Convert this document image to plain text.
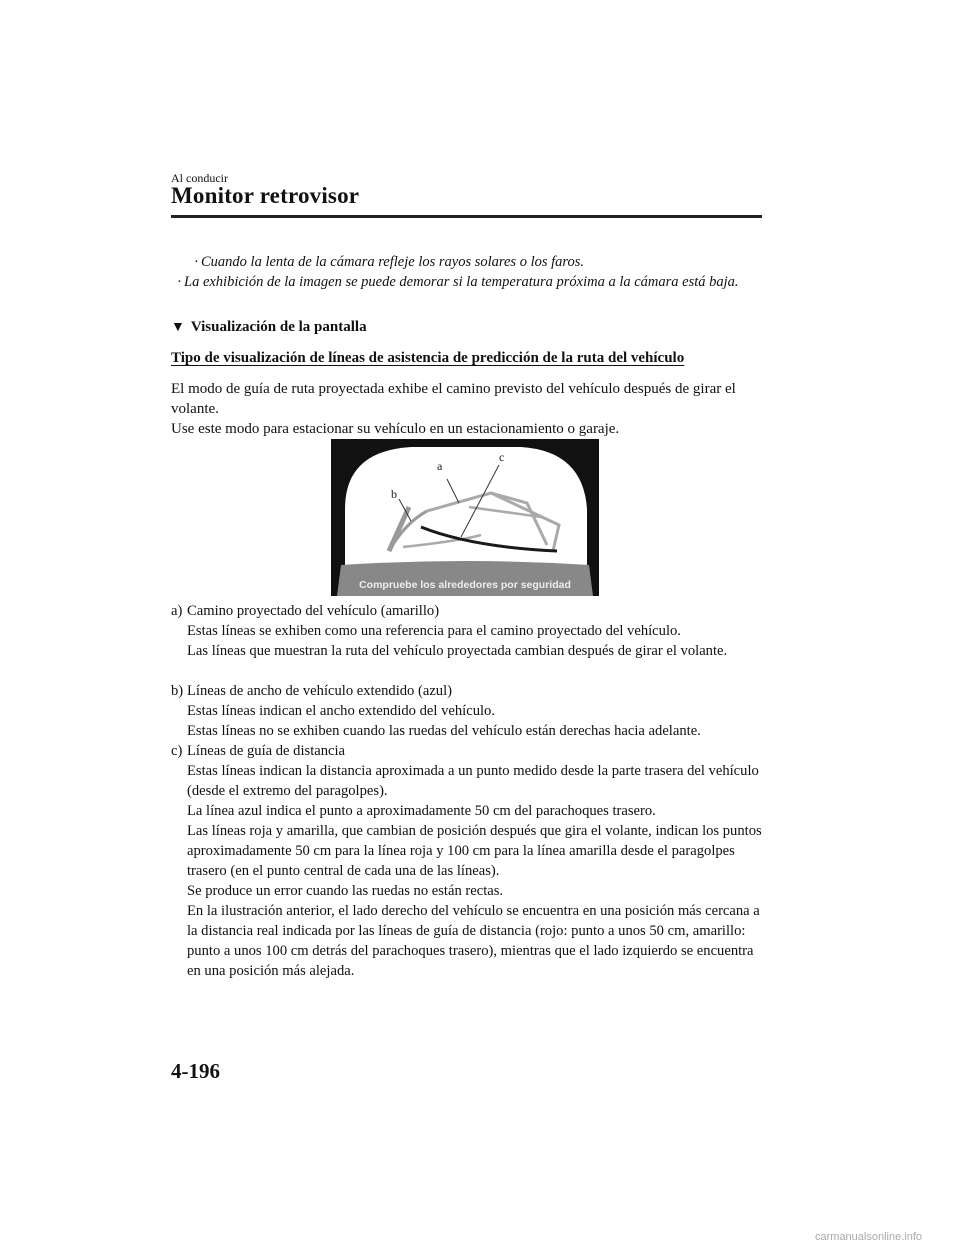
Al conducir
Monitor retrovisor
· Cuando la lenta de la cámara refleje los rayos solares o los faros.
· La exhibición de la imagen se puede demorar si la temperatura próxima a la cámara está baja.
▼ Visualización de la pantalla
Tipo de visualización de líneas de asistencia de predicción de la ruta del vehículo
El modo de guía de ruta proyectada exhibe el camino previsto del vehículo después de girar el volante.
Use este modo para estacionar su vehículo en un estacionamiento o garaje.
a
b
c
Compruebe los alrededores por seguridad
a) Camino proyectado del vehículo (amarillo)
Estas líneas se exhiben como una referencia para el camino proyectado del vehículo.
Las líneas que muestran la ruta del vehículo proyectada cambian después de girar el volante.
b) Líneas de ancho de vehículo extendido (azul)
Estas líneas indican el ancho extendido del vehículo.
Estas líneas no se exhiben cuando las ruedas del vehículo están derechas hacia adelante.
c) Líneas de guía de distancia
Estas líneas indican la distancia aproximada a un punto medido desde la parte trasera del vehículo (desde el extremo del paragolpes).
La línea azul indica el punto a aproximadamente 50 cm del parachoques trasero.
Las líneas roja y amarilla, que cambian de posición después que gira el volante, indican los puntos aproximadamente 50 cm para la línea roja y 100 cm para la línea amarilla desde el paragolpes trasero (en el punto central de cada una de las líneas).
Se produce un error cuando las ruedas no están rectas.
En la ilustración anterior, el lado derecho del vehículo se encuentra en una posición más cercana a la distancia real indicada por las líneas de guía de distancia (rojo: punto a unos 50 cm, amarillo: punto a unos 100 cm detrás del parachoques trasero), mientras que el lado izquierdo se encuentra en una posición más alejada.
4-196
carmanualsonline.info
